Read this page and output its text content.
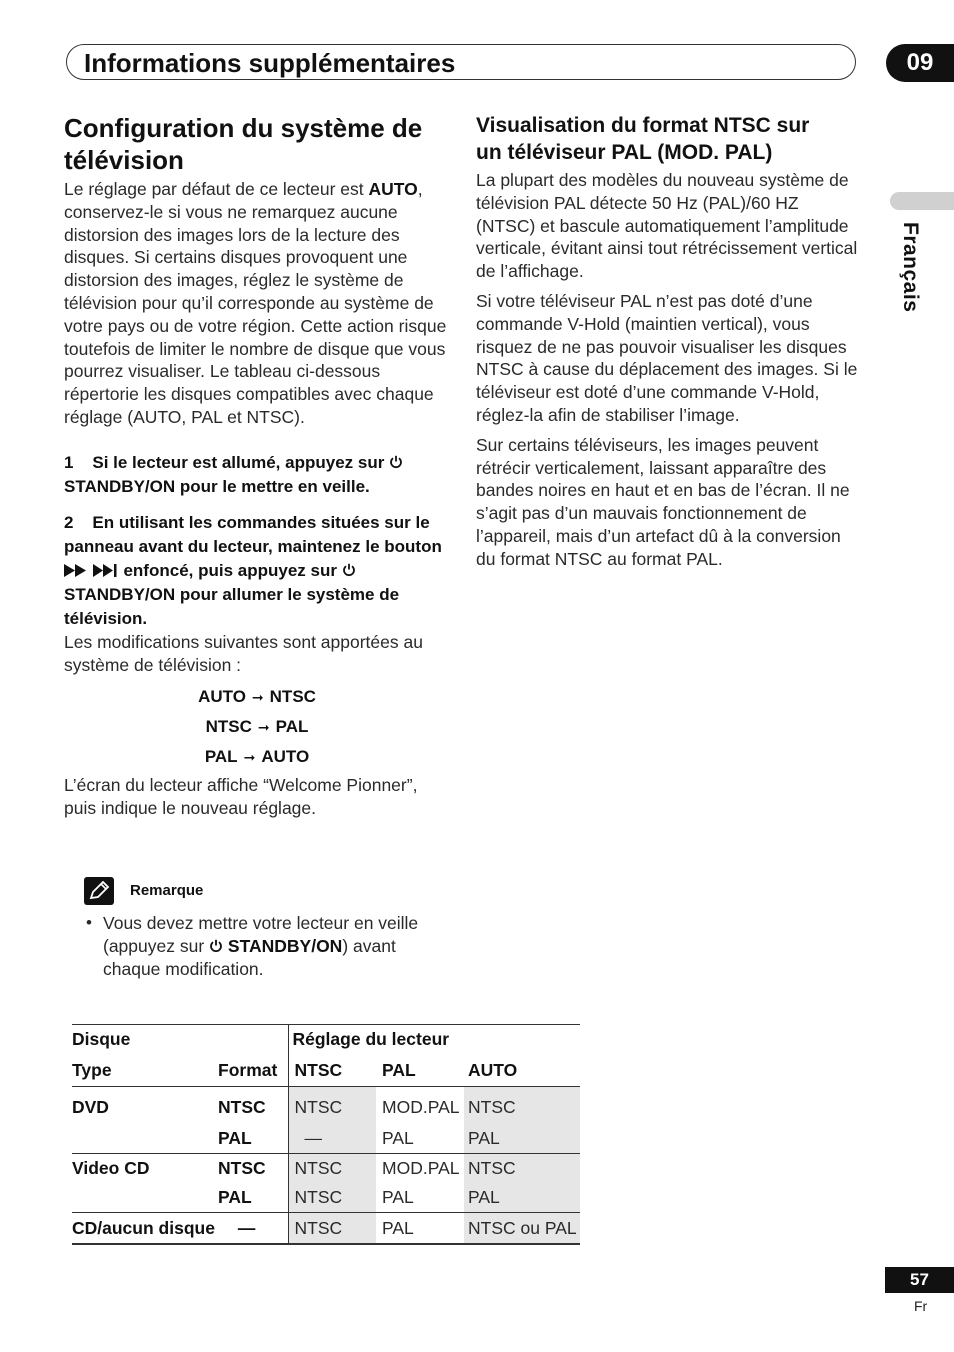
Informations supplémentaires	09
Français
Configuration du système de
télévision
Le réglage par défaut de ce lecteur est AUTO, conservez-le si vous ne remarquez aucune distorsion des images lors de la lecture des disques. Si certains disques provoquent une distorsion des images, réglez le système de télévision pour qu’il corresponde au système de votre pays ou de votre région. Cette action risque toutefois de limiter le nombre de disque que vous pourrez visualiser. Le tableau ci-dessous répertorie les disques compatibles avec chaque réglage (AUTO, PAL et NTSC).
1 Si le lecteur est allumé, appuyez sur  STANDBY/ON pour le mettre en veille.
2 En utilisant les commandes situées sur le panneau avant du lecteur, maintenez le bouton   enfoncé, puis appuyez sur  STANDBY/ON pour allumer le système de télévision.
Les modifications suivantes sont apportées au système de télévision :
AUTO ➞ NTSC
NTSC ➞ PAL
PAL ➞ AUTO
L’écran du lecteur affiche “Welcome Pionner”, puis indique le nouveau réglage.
Remarque
• Vous devez mettre votre lecteur en veille (appuyez sur STANDBY/ON) avant chaque modification.
Visualisation du format NTSC sur
un téléviseur PAL (MOD. PAL)
La plupart des modèles du nouveau système de télévision PAL détecte 50 Hz (PAL)/60 HZ (NTSC) et bascule automatiquement l’amplitude verticale, évitant ainsi tout rétrécissement vertical de l’affichage.
Si votre téléviseur PAL n’est pas doté d’une commande V-Hold (maintien vertical), vous risquez de ne pas pouvoir visualiser les disques NTSC à cause du déplacement des images. Si le téléviseur est doté d’une commande V-Hold, réglez-la afin de stabiliser l’image.
Sur certains téléviseurs, les images peuvent rétrécir verticalement, laissant apparaître des bandes noires en haut et en bas de l’écran. Il ne s’agit pas d’un mauvais fonctionnement de l’appareil, mais d’un artefact dû à la conversion du format NTSC au format PAL.
Disque		Réglage du lecteur		
Type	Format	NTSC	PAL	AUTO
DVD	NTSC	NTSC	MOD.PAL	NTSC
	PAL	—	PAL	PAL
Video CD	NTSC	NTSC	MOD.PAL	NTSC
	PAL	NTSC	PAL	PAL
CD/aucun disque —		NTSC	PAL	NTSC ou PAL
57
Fr
